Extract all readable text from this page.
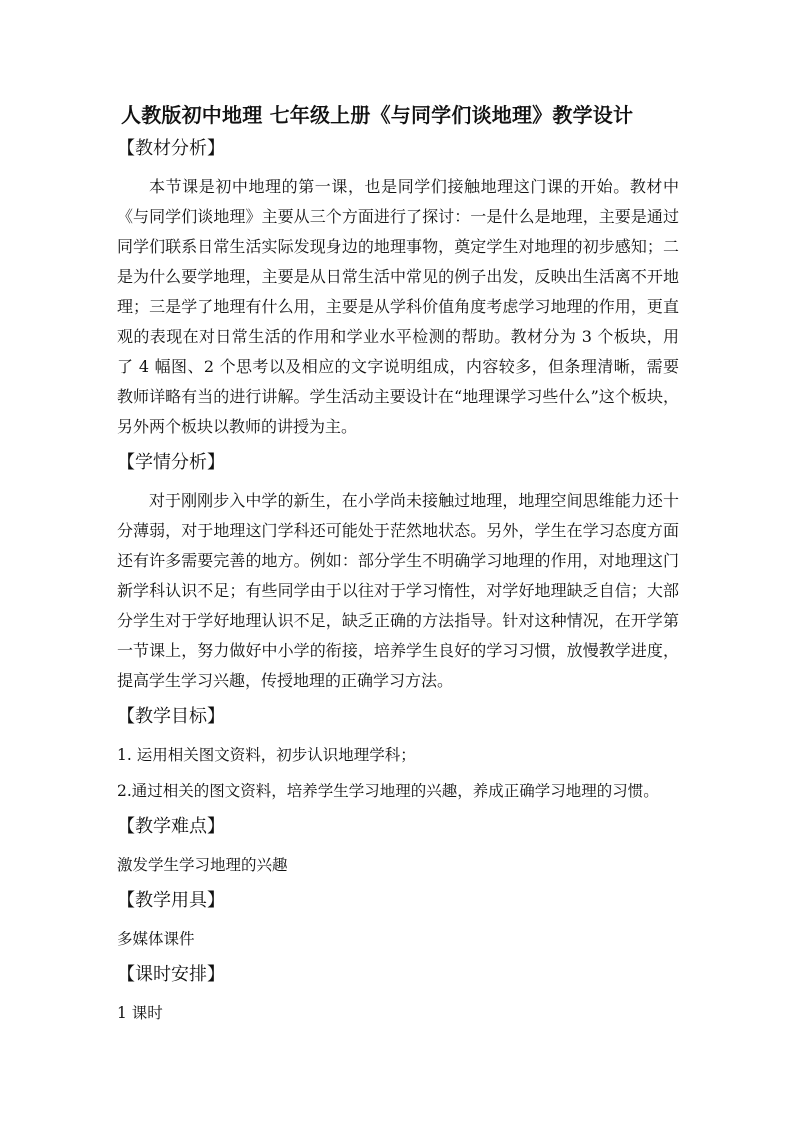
人教版初中地理 七年级上册《与同学们谈地理》教学设计
【教材分析】
本节课是初中地理的第一课，也是同学们接触地理这门课的开始。教材中《与同学们谈地理》主要从三个方面进行了探讨：一是什么是地理，主要是通过同学们联系日常生活实际发现身边的地理事物，奠定学生对地理的初步感知；二是为什么要学地理，主要是从日常生活中常见的例子出发，反映出生活离不开地理；三是学了地理有什么用，主要是从学科价值角度考虑学习地理的作用，更直观的表现在对日常生活的作用和学业水平检测的帮助。教材分为 3 个板块，用了 4 幅图、2 个思考以及相应的文字说明组成，内容较多，但条理清晰，需要教师详略有当的进行讲解。学生活动主要设计在“地理课学习些什么”这个板块，另外两个板块以教师的讲授为主。
【学情分析】
对于刚刚步入中学的新生，在小学尚未接触过地理，地理空间思维能力还十分薄弱，对于地理这门学科还可能处于茫然地状态。另外，学生在学习态度方面还有许多需要完善的地方。例如：部分学生不明确学习地理的作用，对地理这门新学科认识不足；有些同学由于以往对于学习惰性，对学好地理缺乏自信；大部分学生对于学好地理认识不足，缺乏正确的方法指导。针对这种情况，在开学第一节课上，努力做好中小学的衔接，培养学生良好的学习习惯，放慢教学进度，提高学生学习兴趣，传授地理的正确学习方法。
【教学目标】
1. 运用相关图文资料，初步认识地理学科；
2.通过相关的图文资料，培养学生学习地理的兴趣，养成正确学习地理的习惯。
【教学难点】
激发学生学习地理的兴趣
【教学用具】
多媒体课件
【课时安排】
1 课时
